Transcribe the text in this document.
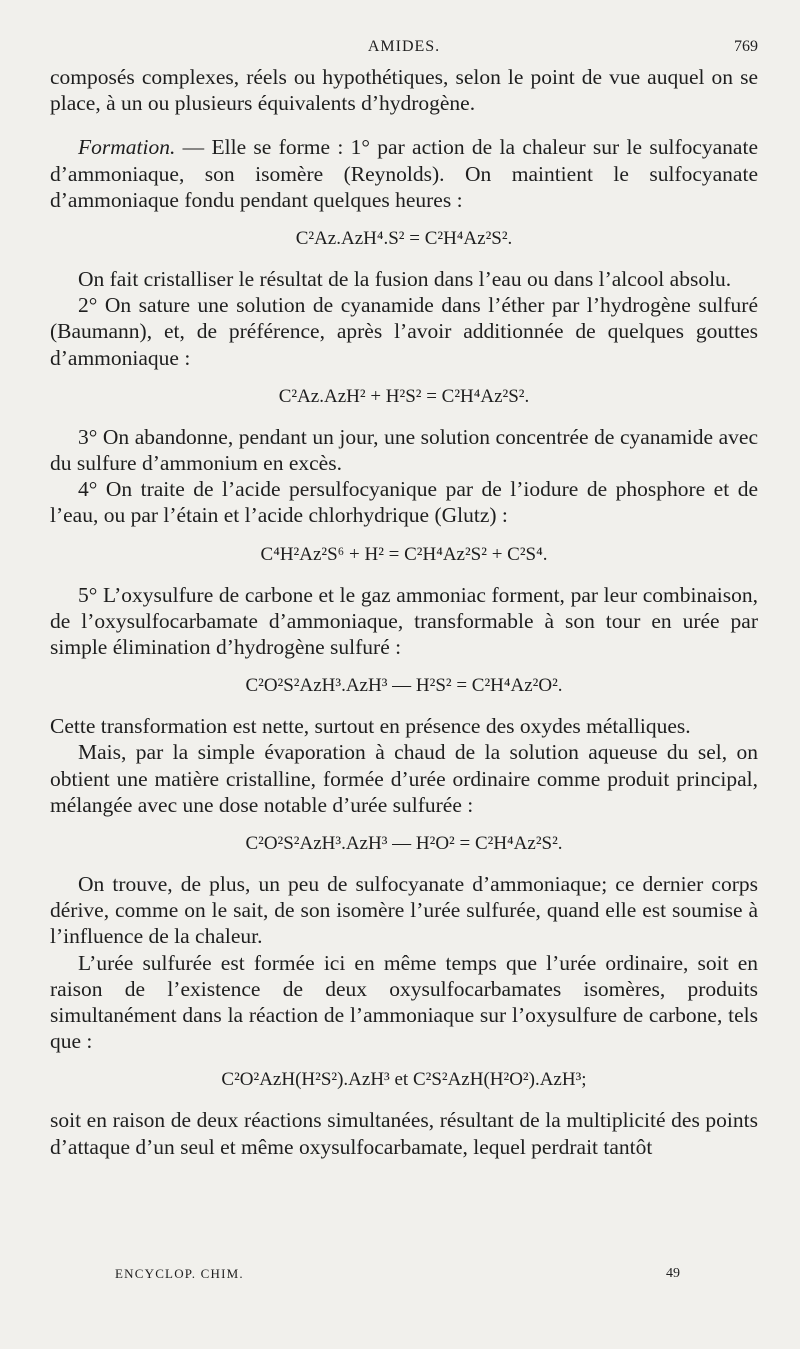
AMIDES.	769

composés complexes, réels ou hypothétiques, selon le point de vue auquel on se place, à un ou plusieurs équivalents d’hydrogène.

Formation. — Elle se forme : 1° par action de la chaleur sur le sulfocyanate d’ammoniaque, son isomère (Reynolds). On maintient le sulfocyanate d’ammoniaque fondu pendant quelques heures :

C²Az.AzH⁴.S² = C²H⁴Az²S².

On fait cristalliser le résultat de la fusion dans l’eau ou dans l’alcool absolu.

2° On sature une solution de cyanamide dans l’éther par l’hydrogène sulfuré (Baumann), et, de préférence, après l’avoir additionnée de quelques gouttes d’ammoniaque :

C²Az.AzH² + H²S² = C²H⁴Az²S².

3° On abandonne, pendant un jour, une solution concentrée de cyanamide avec du sulfure d’ammonium en excès.

4° On traite de l’acide persulfocyanique par de l’iodure de phosphore et de l’eau, ou par l’étain et l’acide chlorhydrique (Glutz) :

C⁴H²Az²S⁶ + H² = C²H⁴Az²S² + C²S⁴.

5° L’oxysulfure de carbone et le gaz ammoniac forment, par leur combinaison, de l’oxysulfocarbamate d’ammoniaque, transformable à son tour en urée par simple élimination d’hydrogène sulfuré :

C²O²S²AzH³.AzH³ — H²S² = C²H⁴Az²O².

Cette transformation est nette, surtout en présence des oxydes métalliques.

Mais, par la simple évaporation à chaud de la solution aqueuse du sel, on obtient une matière cristalline, formée d’urée ordinaire comme produit principal, mélangée avec une dose notable d’urée sulfurée :

C²O²S²AzH³.AzH³ — H²O² = C²H⁴Az²S².

On trouve, de plus, un peu de sulfocyanate d’ammoniaque; ce dernier corps dérive, comme on le sait, de son isomère l’urée sulfurée, quand elle est soumise à l’influence de la chaleur.

L’urée sulfurée est formée ici en même temps que l’urée ordinaire, soit en raison de l’existence de deux oxysulfocarbamates isomères, produits simultanément dans la réaction de l’ammoniaque sur l’oxysulfure de carbone, tels que :

C²O²AzH(H²S²).AzH³ et C²S²AzH(H²O²).AzH³;

soit en raison de deux réactions simultanées, résultant de la multiplicité des points d’attaque d’un seul et même oxysulfocarbamate, lequel perdrait tantôt

ENCYCLOP. CHIM.	49
